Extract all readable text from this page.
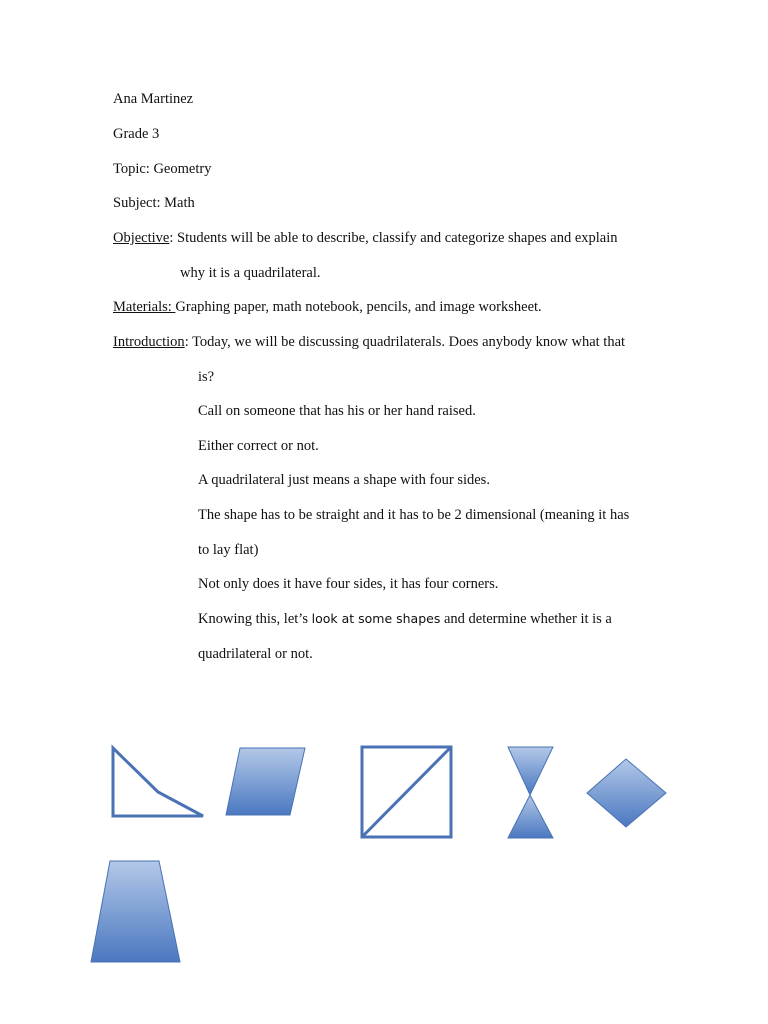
Ana Martinez
Grade 3
Topic: Geometry
Subject: Math
Objective: Students will be able to describe, classify and categorize shapes and explain
why it is a quadrilateral.
Materials: Graphing paper, math notebook, pencils, and image worksheet.
Introduction: Today, we will be discussing quadrilaterals. Does anybody know what that
is?
Call on someone that has his or her hand raised.
Either correct or not.
A quadrilateral just means a shape with four sides.
The shape has to be straight and it has to be 2 dimensional (meaning it has
to lay flat)
Not only does it have four sides, it has four corners.
Knowing this, let’s look at some shapes and determine whether it is a
quadrilateral or not.
